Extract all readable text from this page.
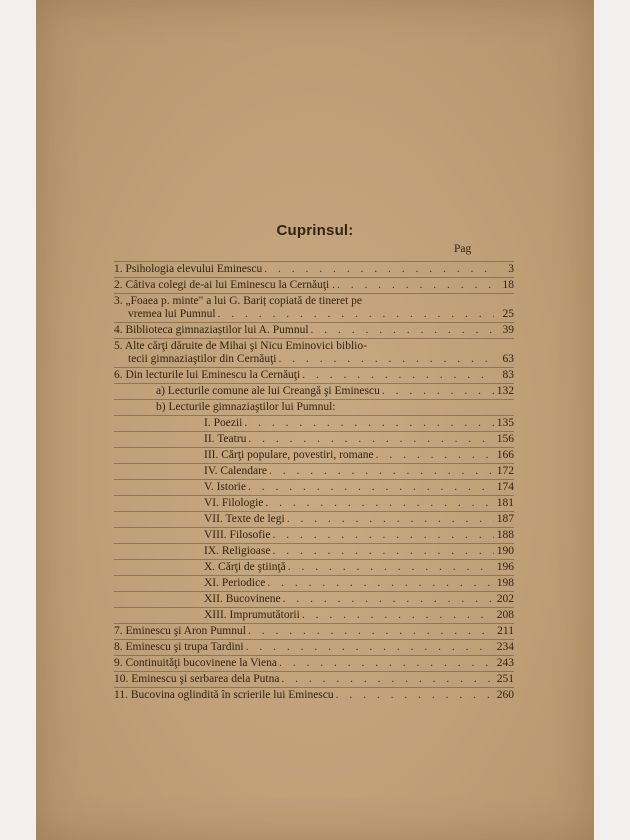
Cuprinsul:
Pag
1. Psihologia elevului Eminescu . . .	3
2. Câtiva colegi de-ai lui Eminescu la Cernăuţi . . . .	18
3. „Foaea p. minte" a lui G. Bariț copiată de tineret pe
vremea lui Pumnul . . .	25
4. Biblioteca gimnaziaștilor lui A. Pumnul . . .	39
5. Alte cărţi dăruite de Mihai şi Nicu Eminovici biblio-
tecii gimnaziaştilor din Cernăuţi . . .	63
6. Din lecturile lui Eminescu la Cernăuţi . . .	83
a) Lecturile comune ale lui Creangă şi Eminescu . . .	132
b) Lecturile gimnaziaştilor lui Pumnul:
I. Poezii . . .	135
II. Teatru . . .	156
III. Cărţi populare, povestiri, romane . . .	166
IV. Calendare . . .	172
V. Istorie . . .	174
VI. Filologie . . .	181
VII. Texte de legi . . .	187
VIII. Filosofie . . .	188
IX. Religioase . . .	190
X. Cărţi de ştiinţă . . .	196
XI. Periodice . . .	198
XII. Bucovinene . . .	202
XIII. Imprumutătorii . . .	208
7. Eminescu şi Aron Pumnul . . .	211
8. Eminescu şi trupa Tardini . . .	234
9. Continuităţi bucovinene la Viena . . .	243
10. Eminescu şi serbarea dela Putna . . .	251
11. Bucovina oglindită în scrierile lui Eminescu . . .	260
